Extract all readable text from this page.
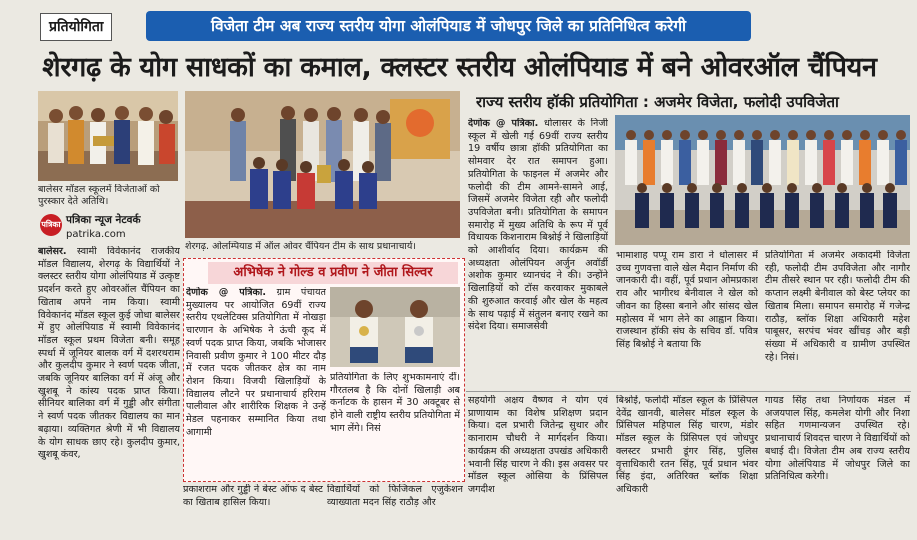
प्रतियोगिता	विजेता टीम अब राज्य स्तरीय योगा ओलंपियाड में जोधपुर जिले का प्रतिनिधित्व करेगी
शेरगढ़ के योग साधकों का कमाल, क्लस्टर स्तरीय ओलंपियाड में बने ओवरऑल चैंपियन
बालेसर मॉडल स्कूलमें विजेताओं को पुरस्कार देते अतिथि।
पत्रिका पत्रिका न्यूज नेटवर्क
patrika.com
बालेसर. स्वामी विवेकानंद राजकीय मॉडल विद्यालय, शेरगढ़ के विद्यार्थियों ने क्लस्टर स्तरीय योगा ओलंपियाड में उत्कृष्ट प्रदर्शन करते हुए ओवरऑल चैंपियन का खिताब अपने नाम किया। स्वामी विवेकानंद मॉडल स्कूल कुई जोधा बालेसर में हुए ओलंपियाड में स्वामी विवेकानंद मॉडल स्कूल प्रथम विजेता बनी। समूह स्पर्धा में जूनियर बालक वर्ग में दशरथराम और कुलदीप कुमार ने स्वर्ण पदक जीता, जबकि जूनियर बालिका वर्ग में अंजू और खुशबू ने कांस्य पदक प्राप्त किया। सीनियर बालिका वर्ग में गुड्डी और संगीता ने स्वर्ण पदक जीतकर विद्यालय का मान बढ़ाया। व्यक्तिगत श्रेणी में भी विद्यालय के योग साधक छाए रहे। कुलदीप कुमार, खुशबू कंवर,
शेरगढ़. ओलम्पियाड में ऑल ओवर चैंपियन टीम के साथ प्रधानाचार्य।
राज्य स्तरीय हॉकी प्रतियोगिता : अजमेर विजेता, फलोदी उपविजेता
देणोक @ पत्रिका. धोलासर के निजी स्कूल में खेली गई 69वीं राज्य स्तरीय 19 वर्षीय छात्रा हॉकी प्रतियोगिता का सोमवार देर रात समापन हुआ। प्रतियोगिता के फाइनल में अजमेर और फलोदी की टीम आमने-सामने आई, जिसमें अजमेर विजेता रही और फलोदी उपविजेता बनी। प्रतियोगिता के समापन समारोह में मुख्य अतिथि के रूप में पूर्व विधायक किशनाराम बिश्नोई ने खिलाड़ियों को आशीर्वाद दिया। कार्यक्रम की अध्यक्षता ओलंपियन अर्जुन अवॉर्डी अशोक कुमार ध्यानचंद ने की। उन्होंने खिलाड़ियों को टॉस करवाकर मुकाबले की शुरुआत करवाई और खेल के महत्व के साथ पढ़ाई में संतुलन बनाए रखने का संदेश दिया। समाजसेवी
भामाशाह पप्पू राम डारा ने धोलासर में उच्च गुणवत्ता वाले खेल मैदान निर्माण की जानकारी दी। वहीं, पूर्व प्रधान ओमप्रकाश राव और भागीरथ बेनीवाल ने खेल को जीवन का हिस्सा बनाने और सांसद खेल महोत्सव में भाग लेने का आह्वान किया। राजस्थान हॉकी संघ के सचिव डॉ. पवित्र सिंह बिश्नोई ने बताया कि
प्रतियोगिता में अजमेर अकादमी विजेता रही, फलोदी टीम उपविजेता और नागौर टीम तीसरे स्थान पर रही। फलोदी टीम की कप्तान लक्ष्मी बेनीवाल को बेस्ट प्लेयर का खिताब मिला। समापन समारोह में गजेन्द्र राठौड़, ब्लॉक शिक्षा अधिकारी महेश पाबूसर, सरपंच भंवर खींचड़ और बड़ी संख्या में अधिकारी व ग्रामीण उपस्थित रहे। निसं।
अभिषेक ने गोल्ड व प्रवीण ने जीता सिल्वर
देणोक @ पत्रिका. ग्राम पंचायत मुख्यालय पर आयोजित 69वीं राज्य स्तरीय एथलेटिक्स प्रतियोगिता में नोखड़ा चारणान के अभिषेक ने ऊंची कूद में स्वर्ण पदक प्राप्त किया, जबकि भोजासर निवासी प्रवीण कुमार ने 100 मीटर दौड़ में रजत पदक जीतकर क्षेत्र का नाम रोशन किया। विजयी खिलाड़ियों के विद्यालय लौटने पर प्रधानाचार्य हरिराम पालीवाल और शारीरिक शिक्षक ने उन्हें मेडल पहनाकर सम्मानित किया तथा आगामी
प्रतियोगिता के लिए शुभकामनाएं दीं। गौरतलब है कि दोनों खिलाड़ी अब कर्नाटक के हासन में 30 अक्टूबर से होने वाली राष्ट्रीय स्तरीय प्रतियोगिता में भाग लेंगे। निसं
प्रकाशराम और गुड्डी ने बेस्ट ऑफ द बेस्ट का खिताब हासिल किया।
विद्यार्थियों को फिजिकल एजुकेशन व्याख्याता मदन सिंह राठौड़ और
सहयोगी अक्षय वैष्णव ने योग एवं प्राणायाम का विशेष प्रशिक्षण प्रदान किया। दल प्रभारी जितेन्द्र सुथार और कानाराम चौधरी ने मार्गदर्शन किया। कार्यक्रम की अध्यक्षता उपखंड अधिकारी भवानी सिंह चारण ने की। इस अवसर पर मॉडल स्कूल ओसिया के प्रिंसिपल जगदीश
बिश्नोई, फलोदी मॉडल स्कूल के प्रिंसिपल देवेंद्र खानवी, बालेसर मॉडल स्कूल के प्रिंसिपल महिपाल सिंह चारण, मंडोर मॉडल स्कूल के प्रिंसिपल एवं जोधपुर क्लस्टर प्रभारी डूंगर सिंह, पुलिस वृत्ताधिकारी रतन सिंह, पूर्व प्रधान भंवर सिंह इंदा, अतिरिक्त ब्लॉक शिक्षा अधिकारी
गायड सिंह तथा निर्णायक मंडल में अजयपाल सिंह, कमलेश योगी और निशा सहित गणमान्यजन उपस्थित रहे। प्रधानाचार्य शिवदत्त चारण ने विद्यार्थियों को बधाई दी। विजेता टीम अब राज्य स्तरीय योगा ओलंपियाड में जोधपुर जिले का प्रतिनिधित्व करेगी।
